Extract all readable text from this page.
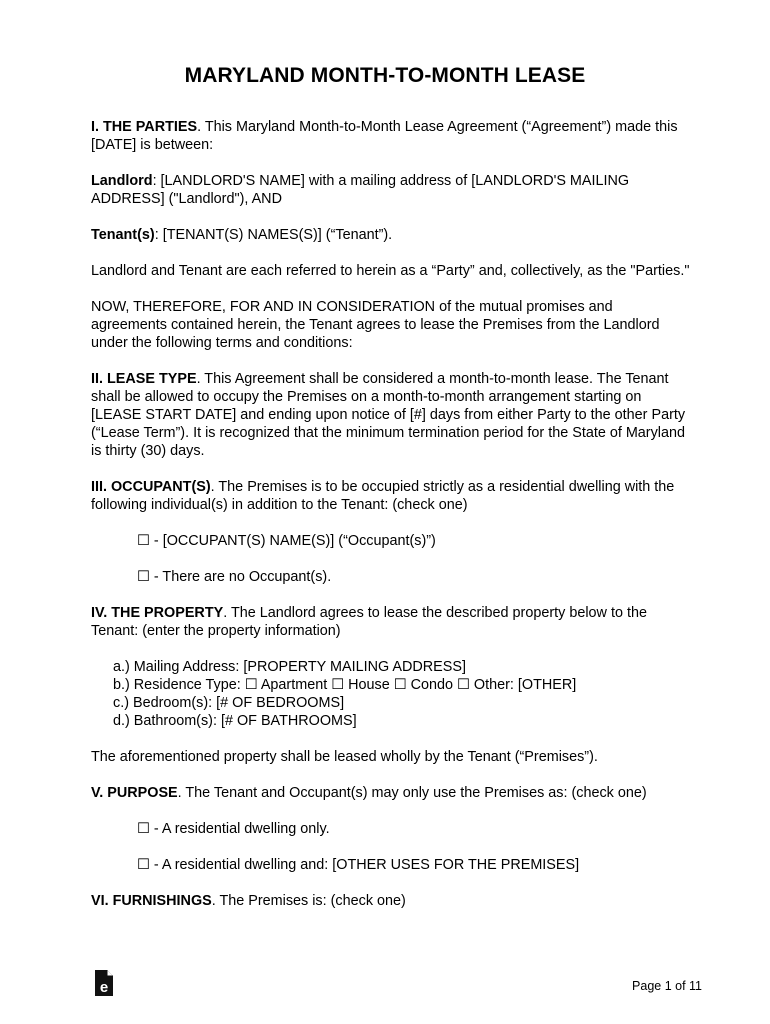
MARYLAND MONTH-TO-MONTH LEASE

I. THE PARTIES. This Maryland Month-to-Month Lease Agreement (“Agreement”) made this [DATE] is between:

Landlord: [LANDLORD'S NAME] with a mailing address of [LANDLORD'S MAILING ADDRESS] ("Landlord"), AND

Tenant(s): [TENANT(S) NAMES(S)] (“Tenant”).

Landlord and Tenant are each referred to herein as a “Party” and, collectively, as the "Parties."

NOW, THEREFORE, FOR AND IN CONSIDERATION of the mutual promises and agreements contained herein, the Tenant agrees to lease the Premises from the Landlord under the following terms and conditions:

II. LEASE TYPE. This Agreement shall be considered a month-to-month lease. The Tenant shall be allowed to occupy the Premises on a month-to-month arrangement starting on [LEASE START DATE] and ending upon notice of [#] days from either Party to the other Party (“Lease Term”). It is recognized that the minimum termination period for the State of Maryland is thirty (30) days.

III. OCCUPANT(S). The Premises is to be occupied strictly as a residential dwelling with the following individual(s) in addition to the Tenant: (check one)

☐ - [OCCUPANT(S) NAME(S)] (“Occupant(s)”)

☐ - There are no Occupant(s).

IV. THE PROPERTY. The Landlord agrees to lease the described property below to the Tenant: (enter the property information)

a.) Mailing Address: [PROPERTY MAILING ADDRESS]
b.) Residence Type: ☐ Apartment ☐ House ☐ Condo ☐ Other: [OTHER]
c.) Bedroom(s): [# OF BEDROOMS]
d.) Bathroom(s): [# OF BATHROOMS]

The aforementioned property shall be leased wholly by the Tenant (“Premises”).

V. PURPOSE. The Tenant and Occupant(s) may only use the Premises as: (check one)

☐ - A residential dwelling only.

☐ - A residential dwelling and: [OTHER USES FOR THE PREMISES]

VI. FURNISHINGS. The Premises is: (check one)

e	Page 1 of 11
